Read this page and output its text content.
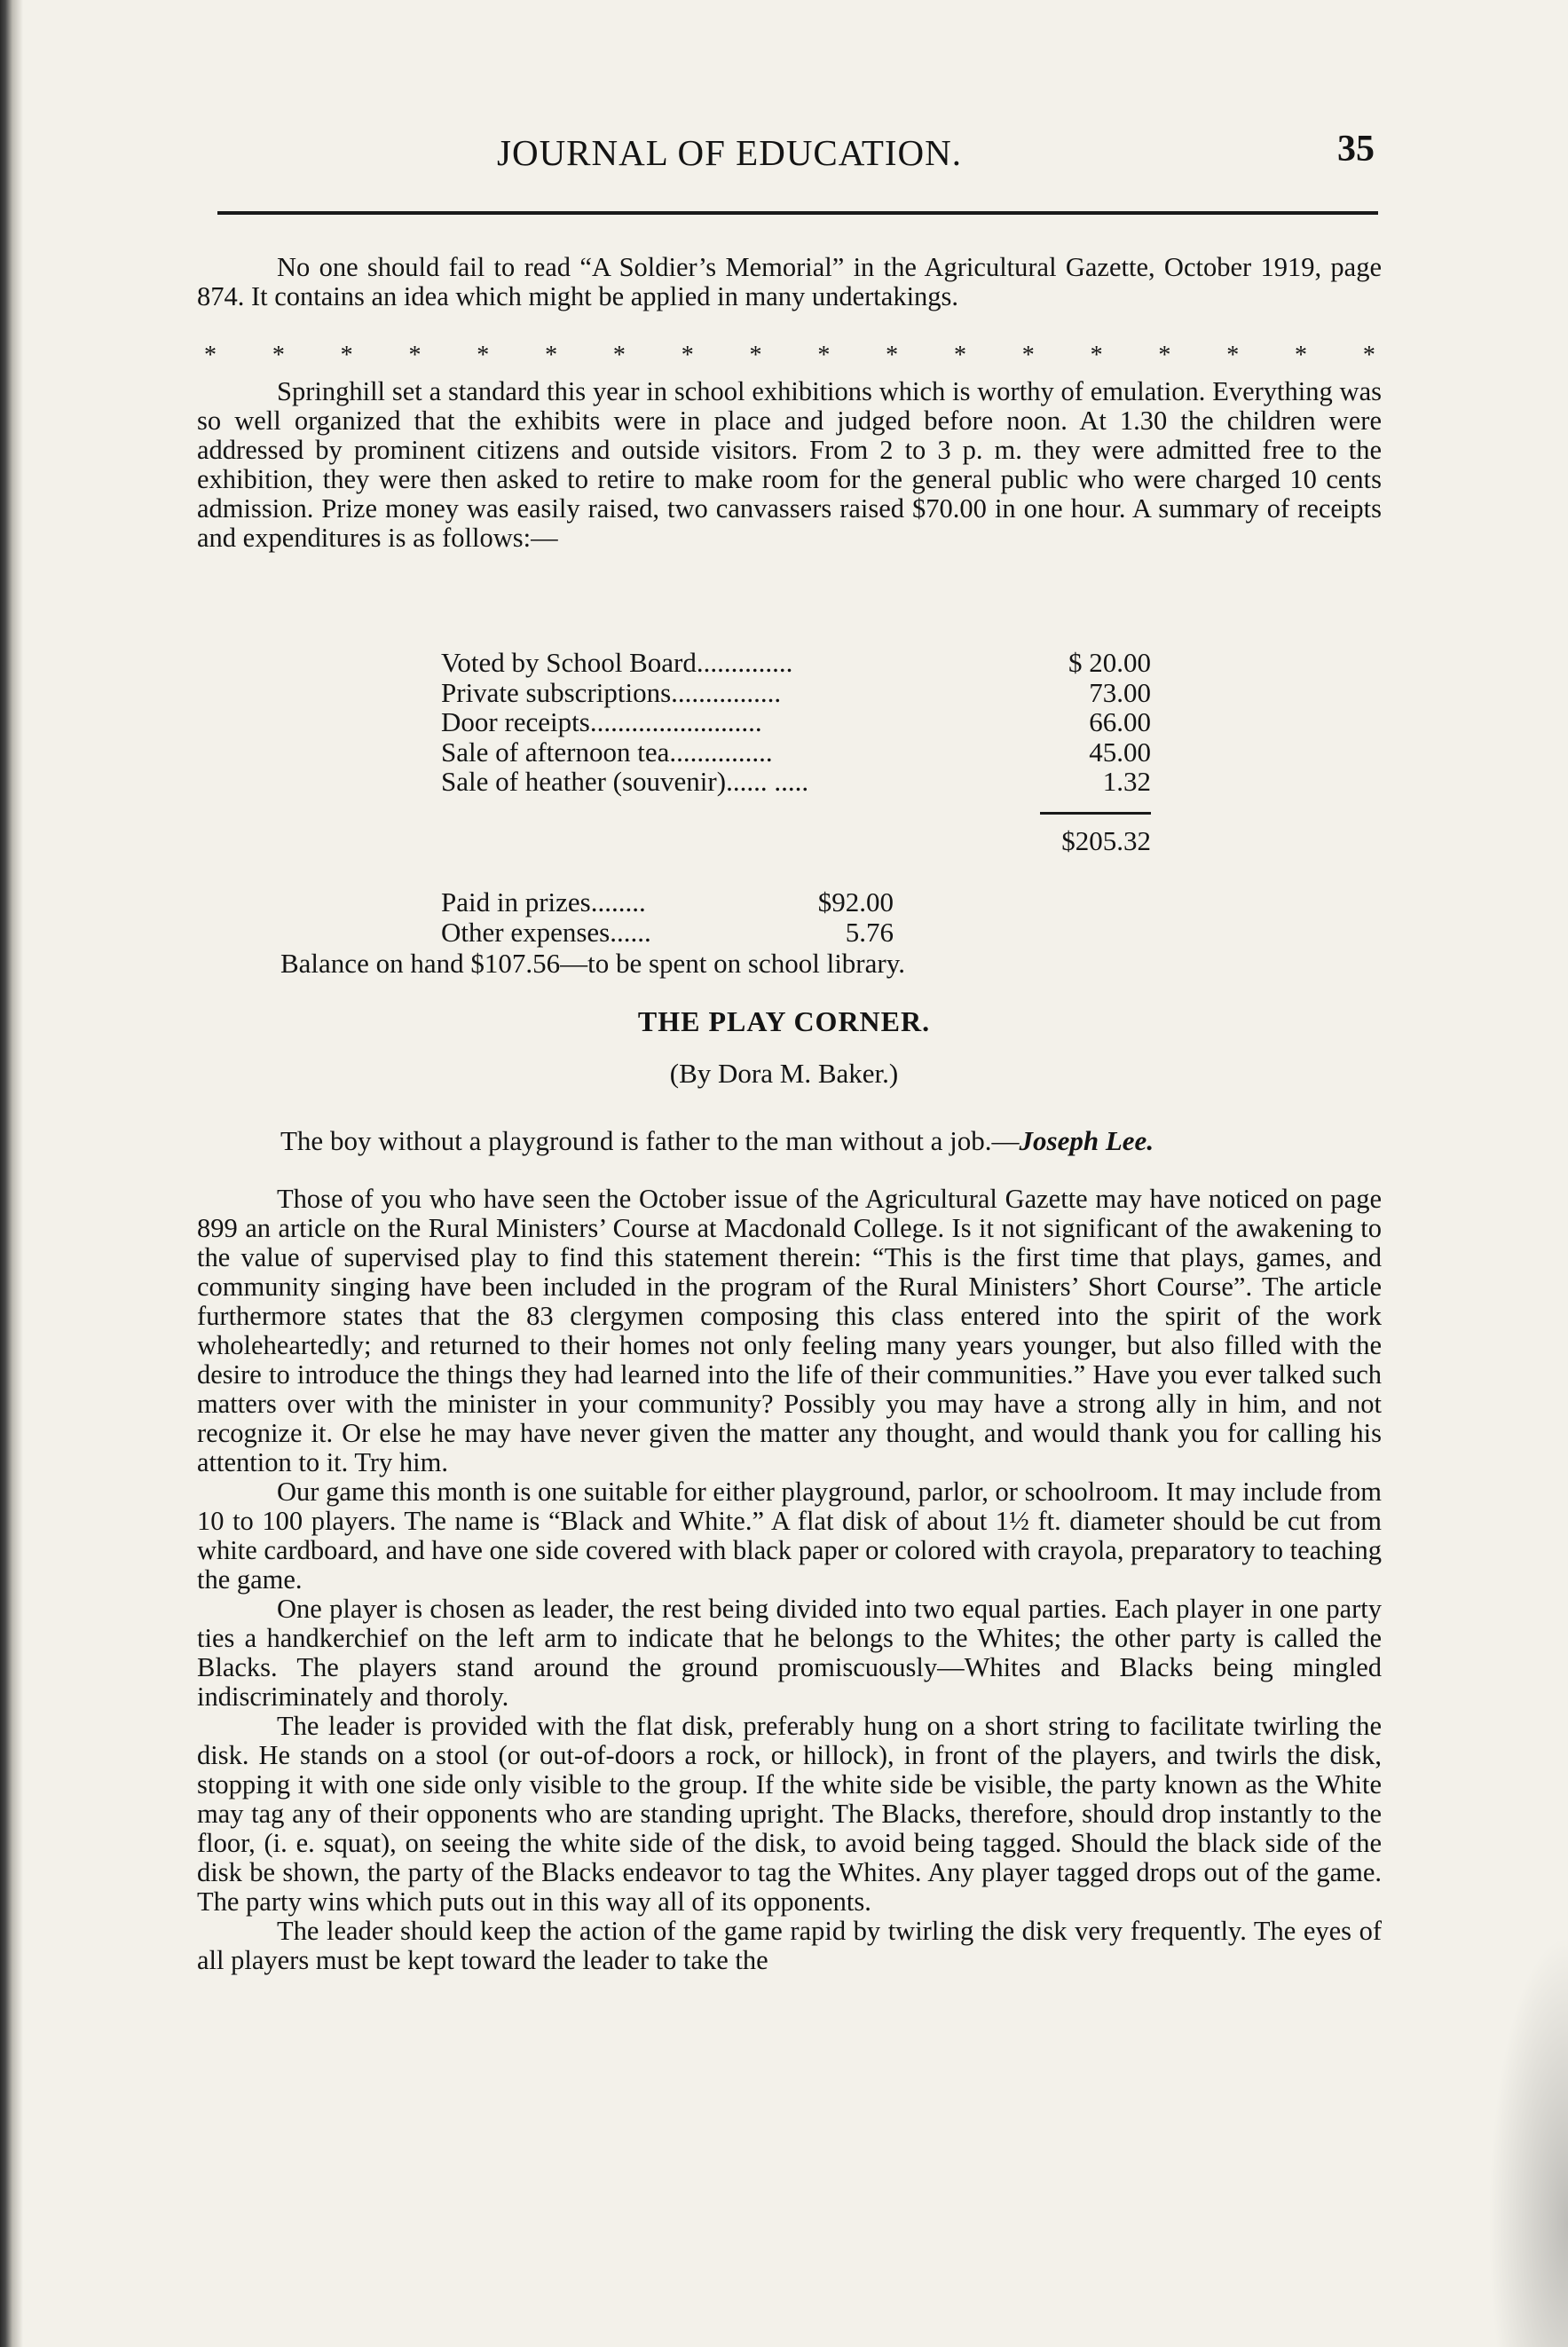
JOURNAL OF EDUCATION.	35

No one should fail to read “A Soldier’s Memorial” in the Agricultural Gazette, October 1919, page 874. It contains an idea which might be applied in many undertakings.

* * * * * * * * * * * * * * * * * *

Springhill set a standard this year in school exhibitions which is worthy of emulation. Everything was so well organized that the exhibits were in place and judged before noon. At 1.30 the children were addressed by prominent citizens and outside visitors. From 2 to 3 p. m. they were admitted free to the exhibition, they were then asked to retire to make room for the general public who were charged 10 cents admission. Prize money was easily raised, two canvassers raised $70.00 in one hour. A summary of receipts and expenditures is as follows:—

Voted by School Board..............	$ 20.00
Private subscriptions................	73.00
Door receipts.........................	66.00
Sale of afternoon tea...............	45.00
Sale of heather (souvenir)...... .....	1.32
$205.32
Paid in prizes........	$92.00
Other expenses......	5.76
Balance on hand $107.56—to be spent on school library.
THE PLAY CORNER.
(By Dora M. Baker.)
The boy without a playground is father to the man without a job.—Joseph Lee.

Those of you who have seen the October issue of the Agricultural Gazette may have noticed on page 899 an article on the Rural Ministers’ Course at Macdonald College. Is it not significant of the awakening to the value of supervised play to find this statement therein: “This is the first time that plays, games, and community singing have been included in the program of the Rural Ministers’ Short Course”. The article furthermore states that the 83 clergymen composing this class entered into the spirit of the work wholeheartedly; and returned to their homes not only feeling many years younger, but also filled with the desire to introduce the things they had learned into the life of their communities.” Have you ever talked such matters over with the minister in your community? Possibly you may have a strong ally in him, and not recognize it. Or else he may have never given the matter any thought, and would thank you for calling his attention to it. Try him.

Our game this month is one suitable for either playground, parlor, or schoolroom. It may include from 10 to 100 players. The name is “Black and White.” A flat disk of about 1½ ft. diameter should be cut from white cardboard, and have one side covered with black paper or colored with crayola, preparatory to teaching the game.

One player is chosen as leader, the rest being divided into two equal parties. Each player in one party ties a handkerchief on the left arm to indicate that he belongs to the Whites; the other party is called the Blacks. The players stand around the ground promiscuously—Whites and Blacks being mingled indiscriminately and thoroly.

The leader is provided with the flat disk, preferably hung on a short string to facilitate twirling the disk. He stands on a stool (or out-of-doors a rock, or hillock), in front of the players, and twirls the disk, stopping it with one side only visible to the group. If the white side be visible, the party known as the White may tag any of their opponents who are standing upright. The Blacks, therefore, should drop instantly to the floor, (i. e. squat), on seeing the white side of the disk, to avoid being tagged. Should the black side of the disk be shown, the party of the Blacks endeavor to tag the Whites. Any player tagged drops out of the game. The party wins which puts out in this way all of its opponents.

The leader should keep the action of the game rapid by twirling the disk very frequently. The eyes of all players must be kept toward the leader to take the
